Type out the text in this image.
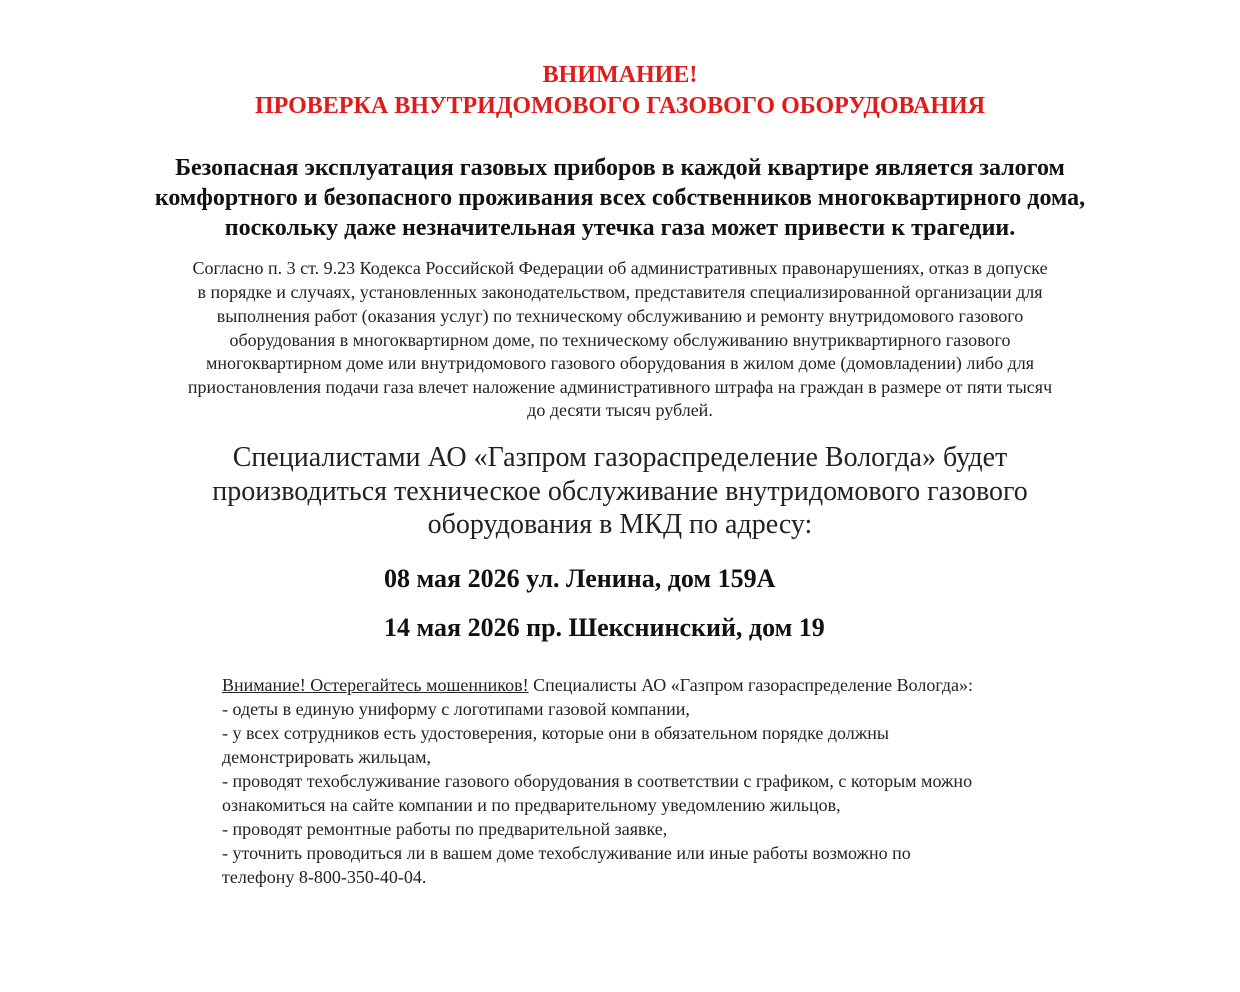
ВНИМАНИЕ!
ПРОВЕРКА ВНУТРИДОМОВОГО ГАЗОВОГО ОБОРУДОВАНИЯ
Безопасная эксплуатация газовых приборов в каждой квартире является залогом
комфортного и безопасного проживания всех собственников многоквартирного дома,
поскольку даже незначительная утечка газа может привести к трагедии.
Согласно п. 3 ст. 9.23 Кодекса Российской Федерации об административных правонарушениях, отказ в допуске
в порядке и случаях, установленных законодательством, представителя специализированной организации для
выполнения работ (оказания услуг) по техническому обслуживанию и ремонту внутридомового газового
оборудования в многоквартирном доме, по техническому обслуживанию внутриквартирного газового
многоквартирном доме или внутридомового газового оборудования в жилом доме (домовладении) либо для
приостановления подачи газа влечет наложение административного штрафа на граждан в размере от пяти тысяч
до десяти тысяч рублей.
Специалистами АО «Газпром газораспределение Вологда» будет
производиться техническое обслуживание внутридомового газового
оборудования в МКД по адресу:
08 мая 2026 ул. Ленина, дом 159А
14 мая 2026 пр. Шекснинский, дом 19
Внимание! Остерегайтесь мошенников! Специалисты АО «Газпром газораспределение Вологда»:
- одеты в единую униформу с логотипами газовой компании,
- у всех сотрудников есть удостоверения, которые они в обязательном порядке должны
демонстрировать жильцам,
- проводят техобслуживание газового оборудования в соответствии с графиком, с которым можно
ознакомиться на сайте компании и по предварительному уведомлению жильцов,
- проводят ремонтные работы по предварительной заявке,
- уточнить проводиться ли в вашем доме техобслуживание или иные работы возможно по
телефону 8-800-350-40-04.
